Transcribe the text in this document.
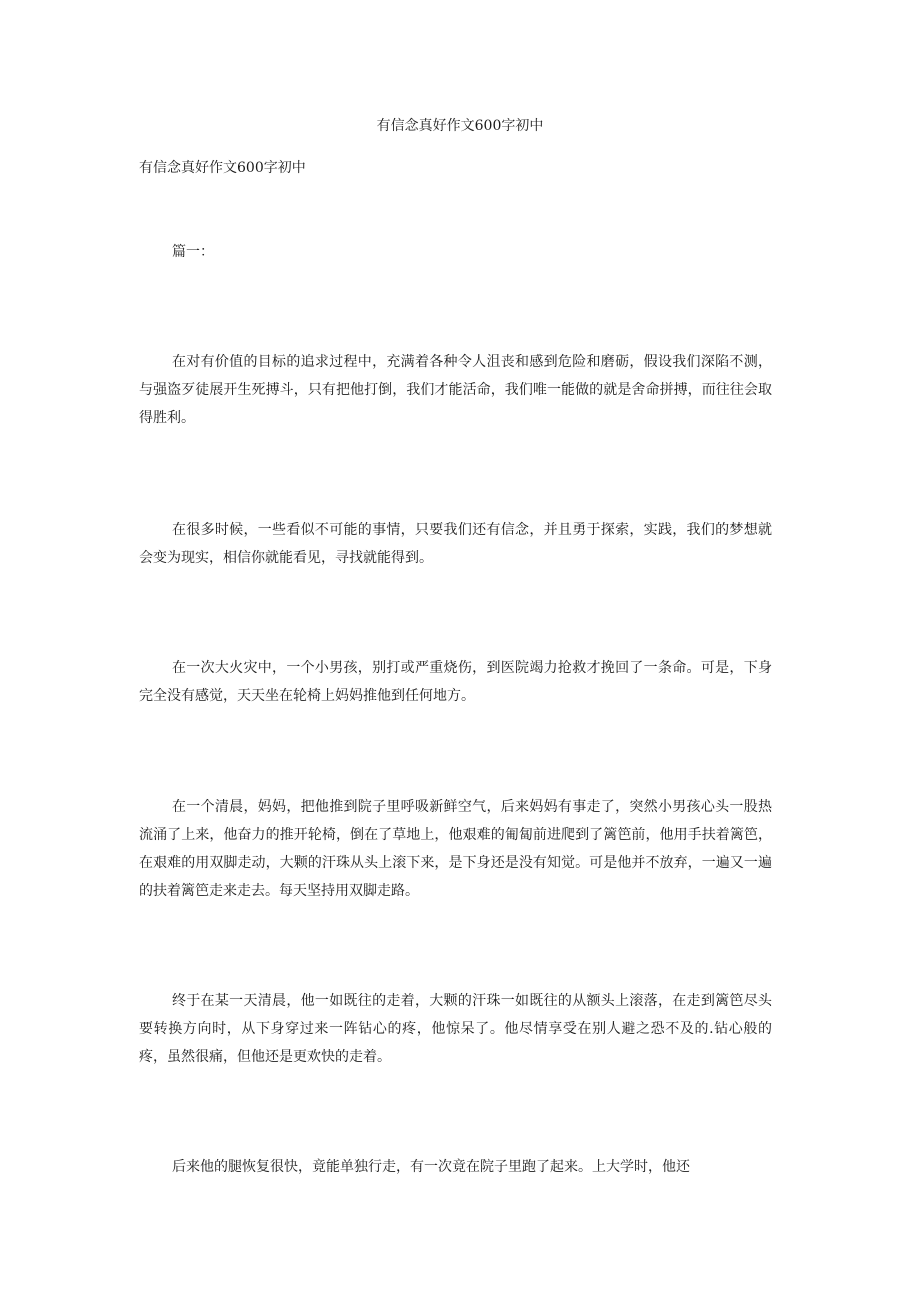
有信念真好作文600字初中

有信念真好作文600字初中

篇一：

在对有价值的目标的追求过程中，充满着各种令人沮丧和感到危险和磨砺，假设我们深陷不测，与强盗歹徒展开生死搏斗，只有把他打倒，我们才能活命，我们唯一能做的就是舍命拼搏，而往往会取得胜利。

在很多时候，一些看似不可能的事情，只要我们还有信念，并且勇于探索，实践，我们的梦想就会变为现实，相信你就能看见，寻找就能得到。

在一次大火灾中，一个小男孩，别打或严重烧伤，到医院竭力抢救才挽回了一条命。可是，下身完全没有感觉，天天坐在轮椅上妈妈推他到任何地方。

在一个清晨，妈妈，把他推到院子里呼吸新鲜空气，后来妈妈有事走了，突然小男孩心头一股热流涌了上来，他奋力的推开轮椅，倒在了草地上，他艰难的匍匐前进爬到了篱笆前，他用手扶着篱笆，在艰难的用双脚走动，大颗的汗珠从头上滚下来，是下身还是没有知觉。可是他并不放弃，一遍又一遍的扶着篱笆走来走去。每天坚持用双脚走路。

终于在某一天清晨，他一如既往的走着，大颗的汗珠一如既往的从额头上滚落，在走到篱笆尽头要转换方向时，从下身穿过来一阵钻心的疼，他惊呆了。他尽情享受在别人避之恐不及的.钻心般的疼，虽然很痛，但他还是更欢快的走着。

后来他的腿恢复很快，竟能单独行走，有一次竟在院子里跑了起来。上大学时，他还
